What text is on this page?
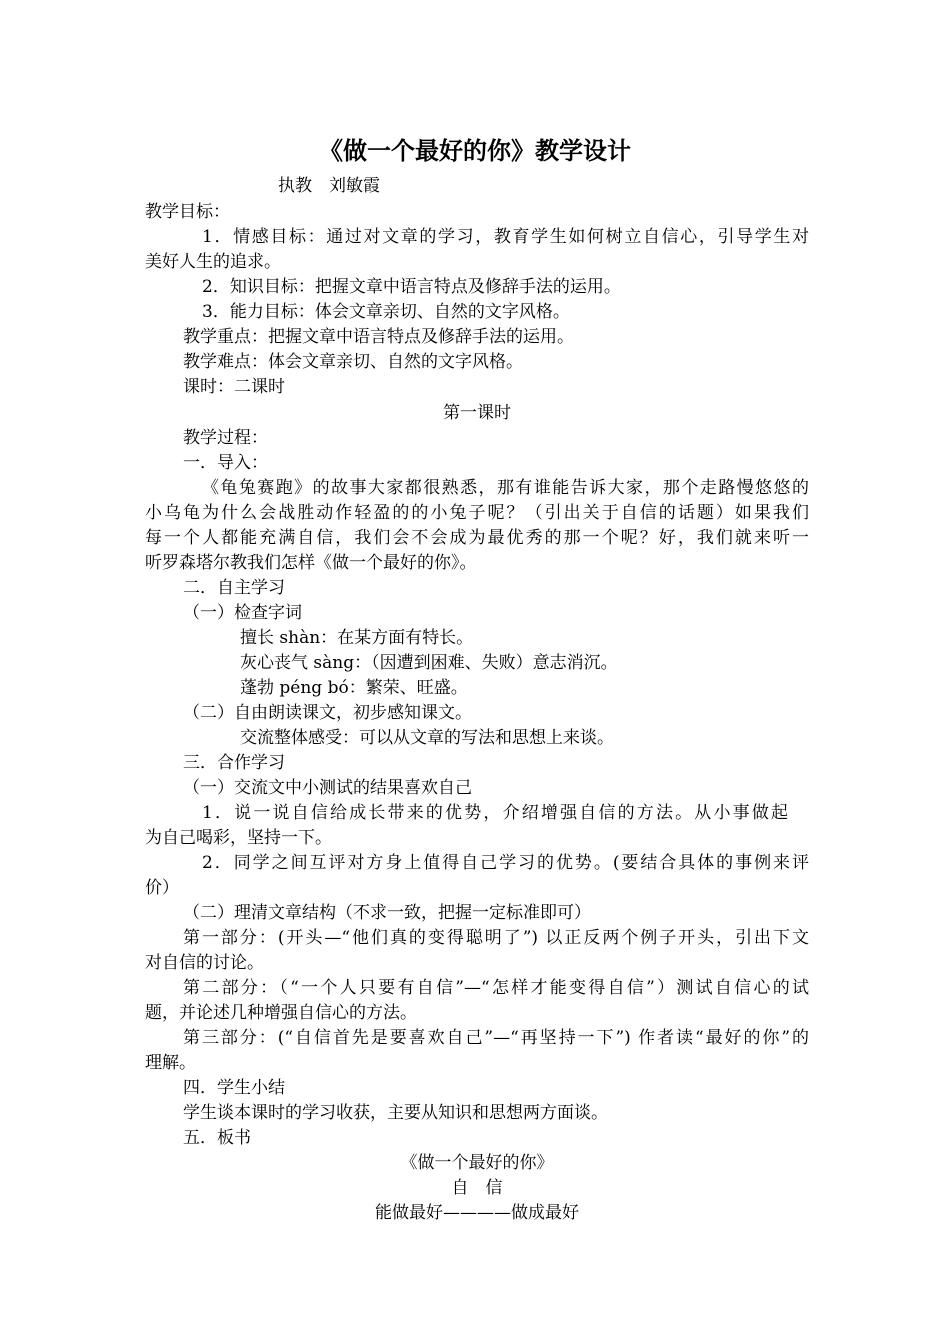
《做一个最好的你》教学设计
执教　刘敏霞
教学目标：
1．情感目标：通过对文章的学习，教育学生如何树立自信心，引导学生对
美好人生的追求。
2．知识目标：把握文章中语言特点及修辞手法的运用。
3．能力目标：体会文章亲切、自然的文字风格。
教学重点：把握文章中语言特点及修辞手法的运用。
教学难点：体会文章亲切、自然的文字风格。
课时：二课时
第一课时
教学过程：
一．导入：
《龟兔赛跑》的故事大家都很熟悉，那有谁能告诉大家，那个走路慢悠悠的
小乌龟为什么会战胜动作轻盈的的小兔子呢？（引出关于自信的话题）如果我们
每一个人都能充满自信，我们会不会成为最优秀的那一个呢？好，我们就来听一
听罗森塔尔教我们怎样《做一个最好的你》。
二．自主学习
（一）检查字词
擅长 shàn：在某方面有特长。
灰心丧气 sàng：（因遭到困难、失败）意志消沉。
蓬勃 péng bó：繁荣、旺盛。
（二）自由朗读课文，初步感知课文。
交流整体感受：可以从文章的写法和思想上来谈。
三．合作学习
（一）交流文中小测试的结果喜欢自己
1．说一说自信给成长带来的优势，介绍增强自信的方法。从小事做起
为自己喝彩，坚持一下。
2．同学之间互评对方身上值得自己学习的优势。(要结合具体的事例来评
价）
（二）理清文章结构（不求一致，把握一定标准即可）
第一部分：(开头—“他们真的变得聪明了”) 以正反两个例子开头，引出下文
对自信的讨论。
第二部分：（“一个人只要有自信”—“怎样才能变得自信”）测试自信心的试
题，并论述几种增强自信心的方法。
第三部分：(“自信首先是要喜欢自己”—“再坚持一下”) 作者读“最好的你”的
理解。
四．学生小结
学生谈本课时的学习收获，主要从知识和思想两方面谈。
五．板书
《做一个最好的你》
自　信
能做最好————做成最好
